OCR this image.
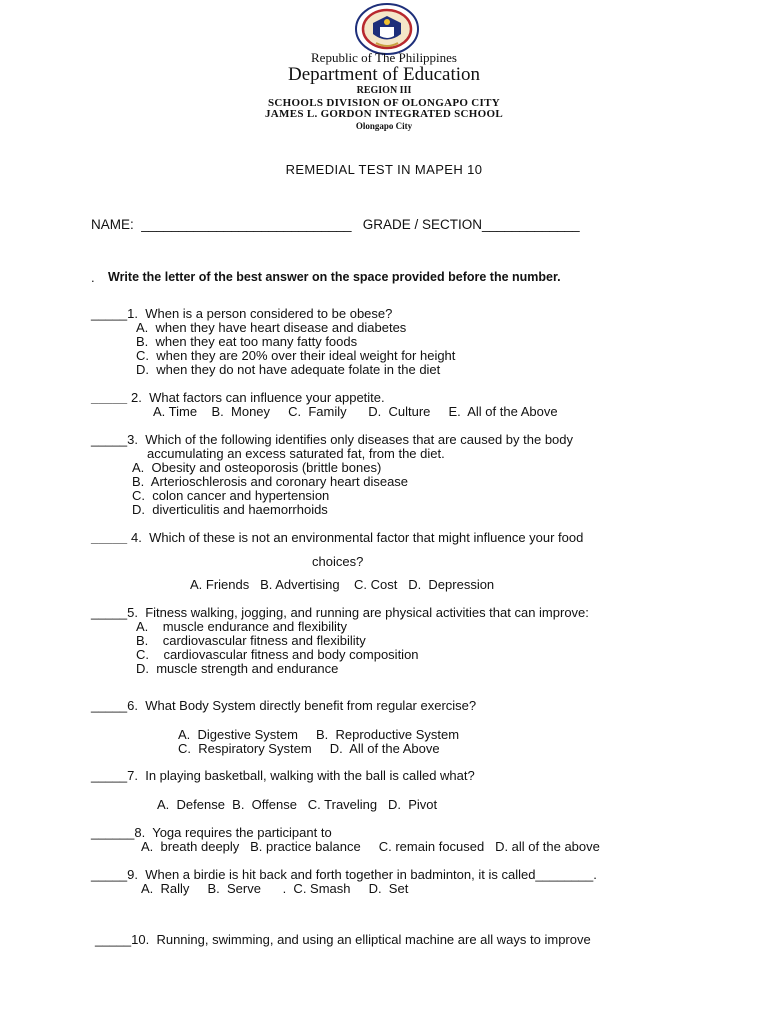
Republic of The Philippines
Department of Education
REGION III
SCHOOLS DIVISION OF OLONGAPO CITY
JAMES L. GORDON INTEGRATED SCHOOL
Olongapo City
REMEDIAL TEST IN MAPEH 10
NAME:  ____________________________   GRADE / SECTION_____________
. Write the letter of the best answer on the space provided before the number.
_____1.  When is a person considered to be obese?
A.  when they have heart disease and diabetes
B.  when they eat too many fatty foods
C.  when they are 20% over their ideal weight for height
D.  when they do not have adequate folate in the diet
_____ 2.  What factors can influence your appetite.
A. Time    B.  Money     C.  Family      D.  Culture     E.  All of the Above
_____3.  Which of the following identifies only diseases that are caused by the body
accumulating an excess saturated fat, from the diet.
A.  Obesity and osteoporosis (brittle bones)
B.  Arterioschlerosis and coronary heart disease
C.  colon cancer and hypertension
D.  diverticulitis and haemorrhoids
_____ 4.  Which of these is not an environmental factor that might influence your food
choices?
A. Friends   B. Advertising    C. Cost   D.  Depression
_____5.  Fitness walking, jogging, and running are physical activities that can improve:
A.    muscle endurance and flexibility
B.    cardiovascular fitness and flexibility
C.    cardiovascular fitness and body composition
D.  muscle strength and endurance
_____6.  What Body System directly benefit from regular exercise?
A.  Digestive System     B.  Reproductive System
C.  Respiratory System     D.  All of the Above
_____7.  In playing basketball, walking with the ball is called what?
A.  Defense  B.  Offense   C. Traveling   D.  Pivot
______8.  Yoga requires the participant to
A.  breath deeply   B. practice balance     C. remain focused   D. all of the above
_____9.  When a birdie is hit back and forth together in badminton, it is called________.
A.  Rally     B.  Serve      .  C. Smash     D.  Set
_____10.  Running, swimming, and using an elliptical machine are all ways to improve
